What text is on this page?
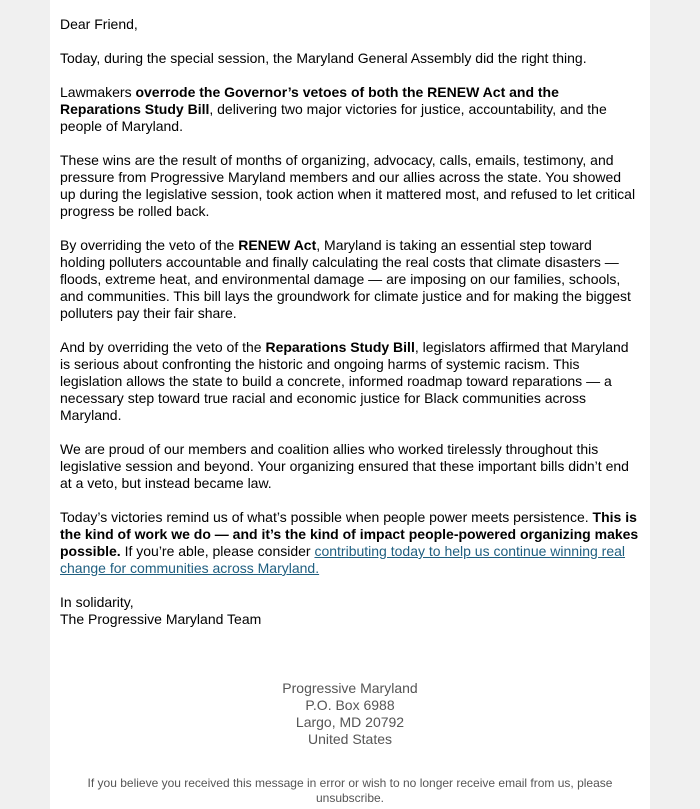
Dear Friend,

Today, during the special session, the Maryland General Assembly did the right thing.

Lawmakers overrode the Governor’s vetoes of both the RENEW Act and the Reparations Study Bill, delivering two major victories for justice, accountability, and the people of Maryland.

These wins are the result of months of organizing, advocacy, calls, emails, testimony, and pressure from Progressive Maryland members and our allies across the state. You showed up during the legislative session, took action when it mattered most, and refused to let critical progress be rolled back.

By overriding the veto of the RENEW Act, Maryland is taking an essential step toward holding polluters accountable and finally calculating the real costs that climate disasters — floods, extreme heat, and environmental damage — are imposing on our families, schools, and communities. This bill lays the groundwork for climate justice and for making the biggest polluters pay their fair share.

And by overriding the veto of the Reparations Study Bill, legislators affirmed that Maryland is serious about confronting the historic and ongoing harms of systemic racism. This legislation allows the state to build a concrete, informed roadmap toward reparations — a necessary step toward true racial and economic justice for Black communities across Maryland.

We are proud of our members and coalition allies who worked tirelessly throughout this legislative session and beyond. Your organizing ensured that these important bills didn’t end at a veto, but instead became law.

Today’s victories remind us of what’s possible when people power meets persistence. This is the kind of work we do — and it’s the kind of impact people-powered organizing makes possible. If you’re able, please consider contributing today to help us continue winning real change for communities across Maryland.

In solidarity,

The Progressive Maryland Team

Progressive Maryland
P.O. Box 6988
Largo, MD 20792
United States
If you believe you received this message in error or wish to no longer receive email from us, please unsubscribe.
